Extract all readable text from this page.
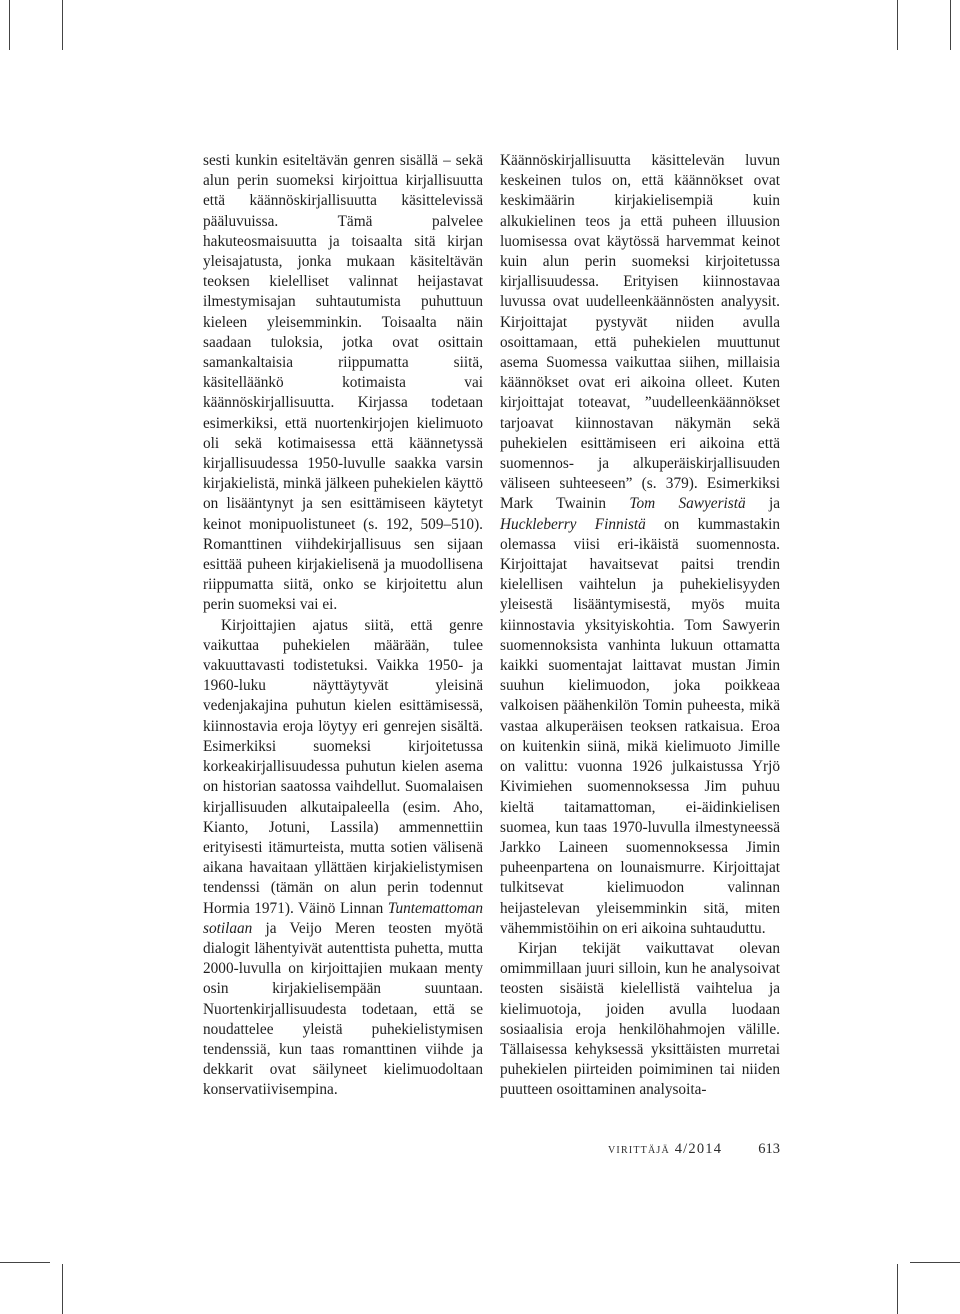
sesti kunkin esiteltävän genren sisällä – sekä alun perin suomeksi kirjoittua kirjallisuutta että käännöskirjallisuutta käsittelevissä pääluvuissa. Tämä palvelee hakuteosmaisuutta ja toisaalta sitä kirjan yleisajatusta, jonka mukaan käsiteltävän teoksen kielelliset valinnat heijastavat ilmestymisajan suhtautumista puhuttuun kieleen yleisemminkin. Toisaalta näin saadaan tuloksia, jotka ovat osittain samankaltaisia riippumatta siitä, käsitelläänkö kotimaista vai käännöskirjallisuutta. Kirjassa todetaan esimerkiksi, että nuortenkirjojen kielimuoto oli sekä kotimaisessa että käännetyssä kirjallisuudessa 1950-luvulle saakka varsin kirjakielistä, minkä jälkeen puhekielen käyttö on lisääntynyt ja sen esittämiseen käytetyt keinot monipuolistuneet (s. 192, 509–510). Romanttinen viihdekirjallisuus sen sijaan esittää puheen kirjakielisenä ja muodollisena riippumatta siitä, onko se kirjoitettu alun perin suomeksi vai ei.

Kirjoittajien ajatus siitä, että genre vaikuttaa puhekielen määrään, tulee vakuuttavasti todistetuksi. Vaikka 1950- ja 1960-luku näyttäytyvät yleisinä vedenjakajina puhutun kielen esittämisessä, kiinnostavia eroja löytyy eri genrejen sisältä. Esimerkiksi suomeksi kirjoitetussa korkeakirjallisuudessa puhutun kielen asema on historian saatossa vaihdellut. Suomalaisen kirjallisuuden alkutaipaleella (esim. Aho, Kianto, Jotuni, Lassila) ammennettiin erityisesti itämurteista, mutta sotien välisenä aikana havaitaan yllättäen kirjakielistymisen tendenssi (tämän on alun perin todennut Hormia 1971). Väinö Linnan Tuntemattoman sotilaan ja Veijo Meren teosten myötä dialogit lähentyivät autenttista puhetta, mutta 2000-luvulla on kirjoittajien mukaan menty osin kirjakielisempään suuntaan. Nuortenkirjallisuudesta todetaan, että se noudattelee yleistä puhekielistymisen tendenssiä, kun taas romanttinen viihde ja dekkarit ovat säilyneet kielimuodoltaan konservatiivisempina.

Käännöskirjallisuutta käsittelevän luvun keskeinen tulos on, että käännökset ovat keskimäärin kirjakielisempiä kuin alkukielinen teos ja että puheen illuusion luomisessa ovat käytössä harvemmat keinot kuin alun perin suomeksi kirjoitetussa kirjallisuudessa. Erityisen kiinnostavaa luvussa ovat uudelleenkäännösten analyysit. Kirjoittajat pystyvät niiden avulla osoittamaan, että puhekielen muuttunut asema Suomessa vaikuttaa siihen, millaisia käännökset ovat eri aikoina olleet. Kuten kirjoittajat toteavat, ”uudelleenkäännökset tarjoavat kiinnostavan näkymän sekä puhekielen esittämiseen eri aikoina että suomennos- ja alkuperäiskirjallisuuden väliseen suhteeseen” (s. 379). Esimerkiksi Mark Twainin Tom Sawyeristä ja Huckleberry Finnistä on kummastakin olemassa viisi eri-ikäistä suomennosta. Kirjoittajat havaitsevat paitsi trendin kielellisen vaihtelun ja puhekielisyyden yleisestä lisääntymisestä, myös muita kiinnostavia yksityiskohtia. Tom Sawyerin suomennoksista vanhinta lukuun ottamatta kaikki suomentajat laittavat mustan Jimin suuhun kielimuodon, joka poikkeaa valkoisen päähenkilön Tomin puheesta, mikä vastaa alkuperäisen teoksen ratkaisua. Eroa on kuitenkin siinä, mikä kielimuoto Jimille on valittu: vuonna 1926 julkaistussa Yrjö Kivimiehen suomennoksessa Jim puhuu kieltä taitamattoman, ei-äidinkielisen suomea, kun taas 1970-luvulla ilmestyneessä Jarkko Laineen suomennoksessa Jimin puheenpartena on lounaismurre. Kirjoittajat tulkitsevat kielimuodon valinnan heijastelevan yleisemminkin sitä, miten vähemmistöihin on eri aikoina suhtauduttu.

Kirjan tekijät vaikuttavat olevan omimmillaan juuri silloin, kun he analysoivat teosten sisäistä kielellistä vaihtelua ja kielimuotoja, joiden avulla luodaan sosiaalisia eroja henkilöhahmojen välille. Tällaisessa kehyksessä yksittäisten murretai puhekielen piirteiden poimiminen tai niiden puutteen osoittaminen analysoita-

virittäjä 4/2014 613
